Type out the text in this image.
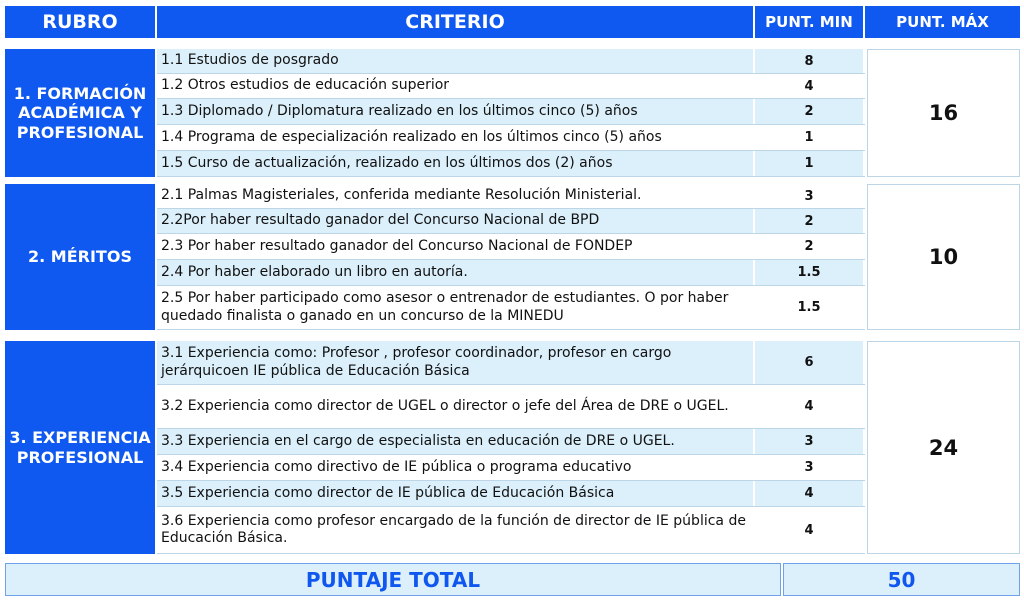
RUBRO	CRITERIO	PUNT. MIN	PUNT. MÁX
1. FORMACIÓN ACADÉMICA Y PROFESIONAL
1.1 Estudios de posgrado	8
1.2 Otros estudios de educación superior	4
1.3 Diplomado / Diplomatura realizado en los últimos cinco (5) años	2
1.4 Programa de especialización realizado en los últimos cinco (5) años	1
1.5 Curso de actualización, realizado en los últimos dos (2) años	1
16
2. MÉRITOS
2.1 Palmas Magisteriales, conferida mediante Resolución Ministerial.	3
2.2Por haber resultado ganador del Concurso Nacional de BPD	2
2.3 Por haber resultado ganador del Concurso Nacional de FONDEP	2
2.4 Por haber elaborado un libro en autoría.	1.5
2.5 Por haber participado como asesor o entrenador de estudiantes. O por haber quedado finalista o ganado en un concurso de la MINEDU	1.5
10
3. EXPERIENCIA PROFESIONAL
3.1 Experiencia como: Profesor , profesor coordinador, profesor en cargo jerárquicoen IE pública de Educación Básica	6
3.2 Experiencia como director de UGEL o director o jefe del Área de DRE o UGEL.	4
3.3 Experiencia en el cargo de especialista en educación de DRE o UGEL.	3
3.4 Experiencia como directivo de IE pública o programa educativo	3
3.5 Experiencia como director de IE pública de Educación Básica	4
3.6 Experiencia como profesor encargado de la función de director de IE pública de Educación Básica.	4
24
PUNTAJE TOTAL	50
